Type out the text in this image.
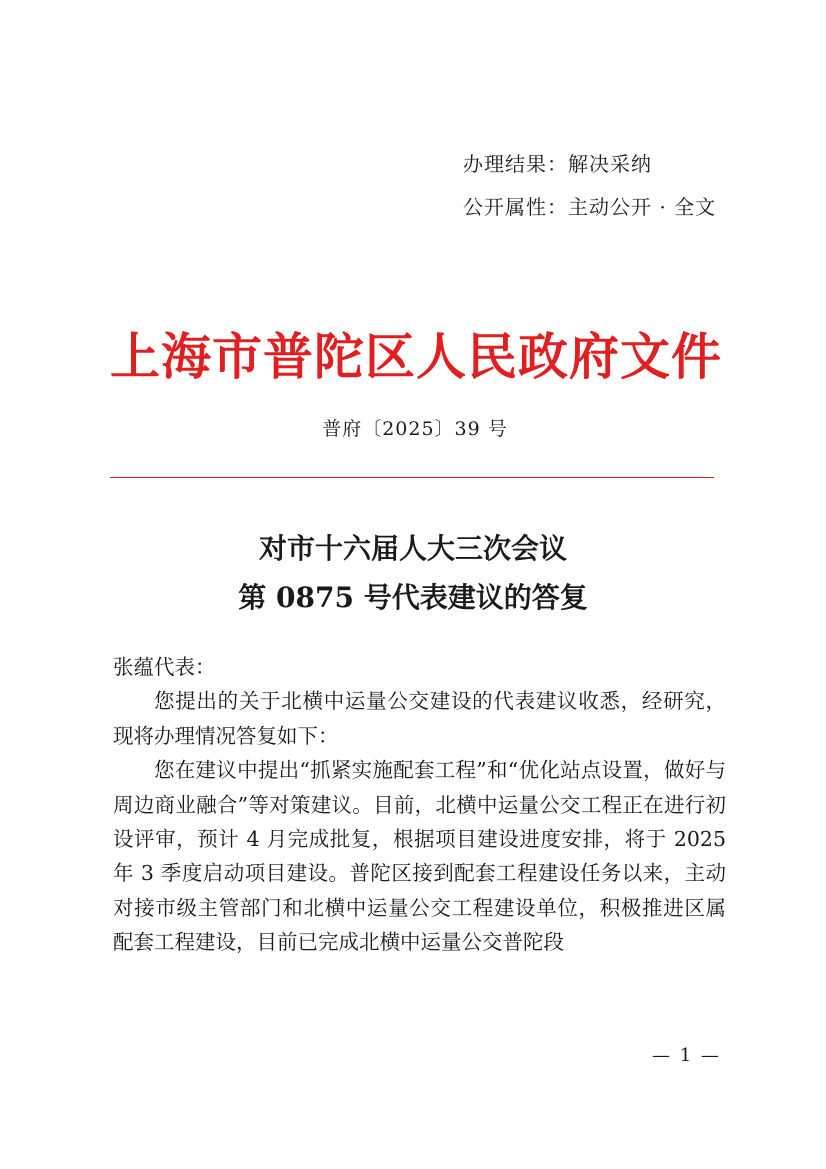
办理结果：解决采纳
公开属性：主动公开 · 全文
上海市普陀区人民政府文件
普府〔2025〕39 号
对市十六届人大三次会议
第 0875 号代表建议的答复

张蕴代表：

您提出的关于北横中运量公交建设的代表建议收悉，经研究，现将办理情况答复如下：

您在建议中提出“抓紧实施配套工程”和“优化站点设置，做好与周边商业融合”等对策建议。目前，北横中运量公交工程正在进行初设评审，预计 4 月完成批复，根据项目建设进度安排，将于 2025 年 3 季度启动项目建设。普陀区接到配套工程建设任务以来，主动对接市级主管部门和北横中运量公交工程建设单位，积极推进区属配套工程建设，目前已完成北横中运量公交普陀段

— 1 —
